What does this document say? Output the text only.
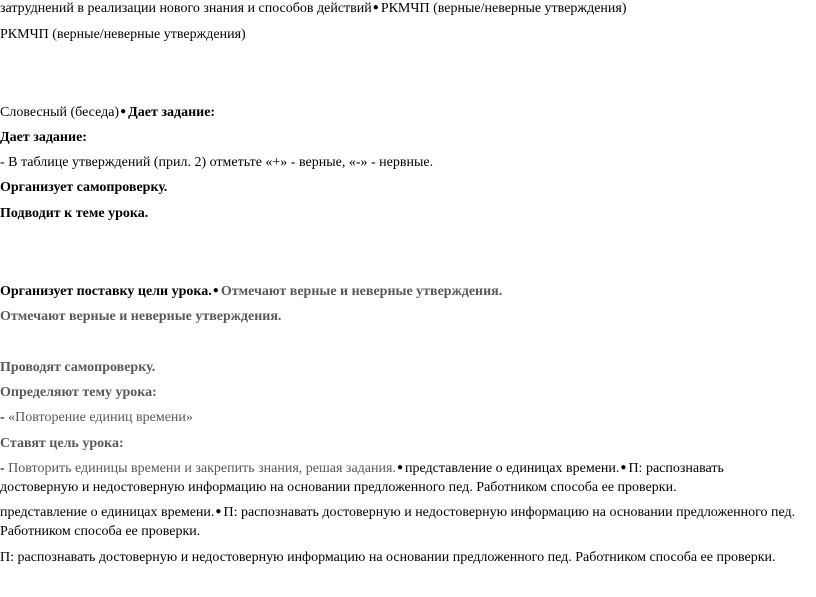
затруднений в реализации нового знания и способов действий● РКМЧП (верные/неверные утверждения)
РКМЧП (верные/неверные утверждения)
Словесный (беседа)● Дает задание:
Дает задание:
- В таблице утверждений (прил. 2) отметьте «+» - верные, «-» - нервные.
Организует самопроверку.
Подводит к теме урока.
Организует поставку цели урока.● Отмечают верные и неверные утверждения.
Отмечают верные и неверные утверждения.
Проводят самопроверку.
Определяют тему урока:
- «Повторение единиц времени»
Ставят цель урока:
- Повторить единицы времени и закрепить знания, решая задания.● представление о единицах времени.● П: распознавать достоверную и недостоверную информацию на основании предложенного пед. Работником способа ее проверки.
представление о единицах времени.● П: распознавать достоверную и недостоверную информацию на основании предложенного пед. Работником способа ее проверки.
П: распознавать достоверную и недостоверную информацию на основании предложенного пед. Работником способа ее проверки.
